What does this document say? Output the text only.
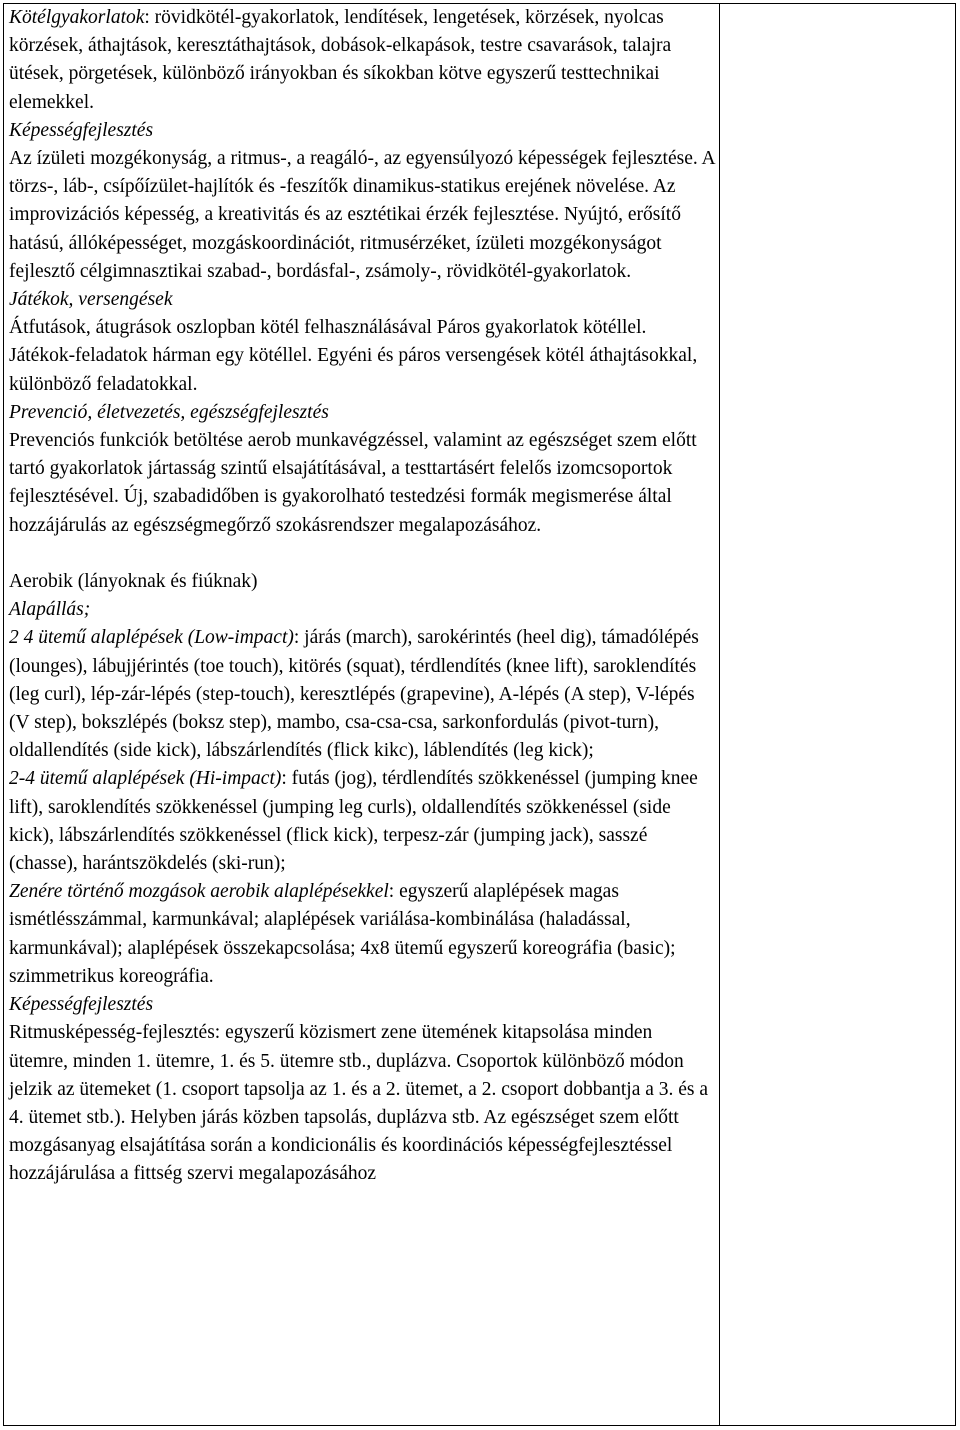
Kötélgyakorlatok: rövidkötél-gyakorlatok, lendítések, lengetések, körzések, nyolcas körzések, áthajtások, keresztáthajtások, dobások-elkapások, testre csavarások, talajra ütések, pörgetések, különböző irányokban és síkokban kötve egyszerű testtechnikai elemekkel.

Képességfejlesztés

Az ízületi mozgékonyság, a ritmus-, a reagáló-, az egyensúlyozó képességek fejlesztése. A törzs-, láb-, csípőízület-hajlítók és -feszítők dinamikus-statikus erejének növelése. Az improvizációs képesség, a kreativitás és az esztétikai érzék fejlesztése. Nyújtó, erősítő hatású, állóképességet, mozgáskoordinációt, ritmusérzéket, ízületi mozgékonyságot fejlesztő célgimnasztikai szabad-, bordásfal-, zsámoly-, rövidkötél-gyakorlatok.

Játékok, versengések

Átfutások, átugrások oszlopban kötél felhasználásával Páros gyakorlatok kötéllel. Játékok-feladatok hárman egy kötéllel. Egyéni és páros versengések kötél áthajtásokkal, különböző feladatokkal.

Prevenció, életvezetés, egészségfejlesztés

Prevenciós funkciók betöltése aerob munkavégzéssel, valamint az egészséget szem előtt tartó gyakorlatok jártasság szintű elsajátításával, a testtartásért felelős izomcsoportok fejlesztésével. Új, szabadidőben is gyakorolható testedzési formák megismerése által hozzájárulás az egészségmegőrző szokásrendszer megalapozásához.

Aerobik (lányoknak és fiúknak)

Alapállás;

2 4 ütemű alaplépések (Low-impact): járás (march), sarokérintés (heel dig), támadólépés (lounges), lábujjérintés (toe touch), kitörés (squat), térdlendítés (knee lift), saroklendítés (leg curl), lép-zár-lépés (step-touch), keresztlépés (grapevine), A-lépés (A step), V-lépés (V step), bokszlépés (boksz step), mambo, csa-csa-csa, sarkonfordulás (pivot-turn), oldallendítés (side kick), lábszárlendítés (flick kikc), láblendítés (leg kick);

2-4 ütemű alaplépések (Hi-impact): futás (jog), térdlendítés szökkenéssel (jumping knee lift), saroklendítés szökkenéssel (jumping leg curls), oldallendítés szökkenéssel (side kick), lábszárlendítés szökkenéssel (flick kick), terpesz-zár (jumping jack), sasszé (chasse), harántszökdelés (ski-run);

Zenére történő mozgások aerobik alaplépésekkel: egyszerű alaplépések magas ismétlésszámmal, karmunkával; alaplépések variálása-kombinálása (haladással, karmunkával); alaplépések összekapcsolása; 4x8 ütemű egyszerű koreográfia (basic); szimmetrikus koreográfia.

Képességfejlesztés

Ritmusképesség-fejlesztés: egyszerű közismert zene ütemének kitapsolása minden ütemre, minden 1. ütemre, 1. és 5. ütemre stb., duplázva. Csoportok különböző módon jelzik az ütemeket (1. csoport tapsolja az 1. és a 2. ütemet, a 2. csoport dobbantja a 3. és a 4. ütemet stb.). Helyben járás közben tapsolás, duplázva stb. Az egészséget szem előtt mozgásanyag elsajátítása során a kondicionális és koordinációs képességfejlesztéssel hozzájárulása a fittség szervi megalapozásához
